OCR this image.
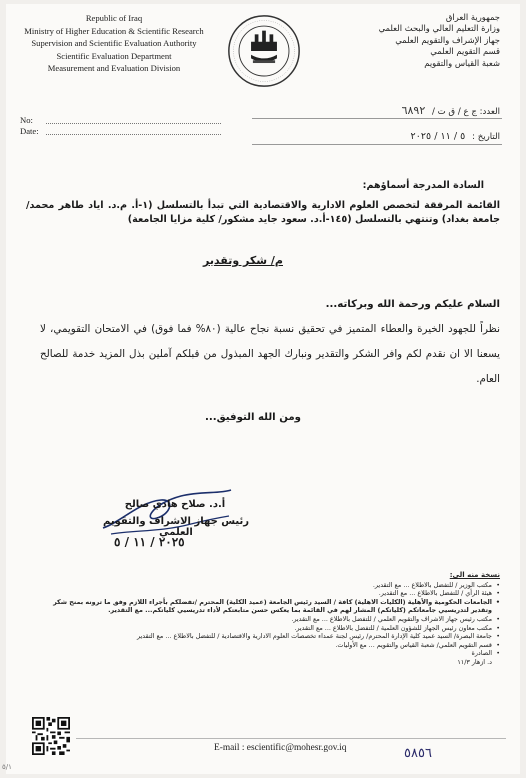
Republic of Iraq
Ministry of Higher Education & Scientific Research
Supervision and Scientific Evaluation Authority
Scientific Evaluation Department
Measurement and Evaluation Division
جمهورية العراق
وزارة التعليم العالي والبحث العلمي
جهاز الإشراف والتقويم العلمي
قسم التقويم العلمي
شعبة القياس والتقويم
No:
Date:
العدد: ج ع / ق ت / ٦٨٩٢
التاريخ : ٥ / ١١ / ٢٠٢٥
السادة المدرجة أسماؤهم:
القائمة المرفقة لتخصص العلوم الادارية والاقتصادية التي تبدأ بالتسلسل (١-أ. م.د. اياد طاهر محمد/جامعة بغداد) وتنتهي بالتسلسل (١٤٥-أ.د. سعود جايد مشكور/ كلية مزايا الجامعة)
م/ شكر وتقدير
السلام عليكم ورحمة الله وبركاته...
نظراً للجهود الخيرة والعطاء المتميز في تحقيق نسبة نجاح عالية (٨٠% فما فوق) في الامتحان التقويمي، لا يسعنا الا ان نقدم لكم وافر الشكر والتقدير ونبارك الجهد المبذول من قبلكم آملين بذل المزيد خدمة للصالح العام.
ومن الله التوفيق...
أ.د. صلاح هادي صالح
رئيس جهاز الاشراف والتقويم العلمي
٢٠٢٥ / ١١ / ٥
نسخة منه الى:
• مكتب الوزير / للتفضل بالاطلاع ... مع التقدير.
• هيئة الرأي / للتفضل بالاطلاع ... مع التقدير.
• الجامعات الحكومية والأهلية (الكليات الاهلية) كافة / السيد رئيس الجامعة (عميد الكلية) المحترم /تفضلكم بأجراء اللازم وفق ما ترونه بمنح شكر وتقدير لتدريسيي جامعاتكم (كلياتكم) المشار لهم في القائمة بما يعكس حسن متابعتكم لأداء تدريسيي كلياتكم... مع التقدير.
• مكتب رئيس جهاز الاشراف والتقويم العلمي / للتفضل بالاطلاع ... مع التقدير.
• مكتب معاون رئيس الجهاز للشؤون العلمية / للتفضل بالاطلاع ... مع التقدير.
• جامعة البصرة/ السيد عميد كلية الإدارة المحترم/ رئيس لجنة عمداء تخصصات العلوم الادارية والاقتصادية / للتفضل بالاطلاع ... مع التقدير
• قسم التقويم العلمي/ شعبة القياس والتقويم ... مع الأوليات.
• الصادرة
د. ازهار ١١/٣
E-mail : escientific@mohesr.gov.iq	٥٨٥٦
٥/١
